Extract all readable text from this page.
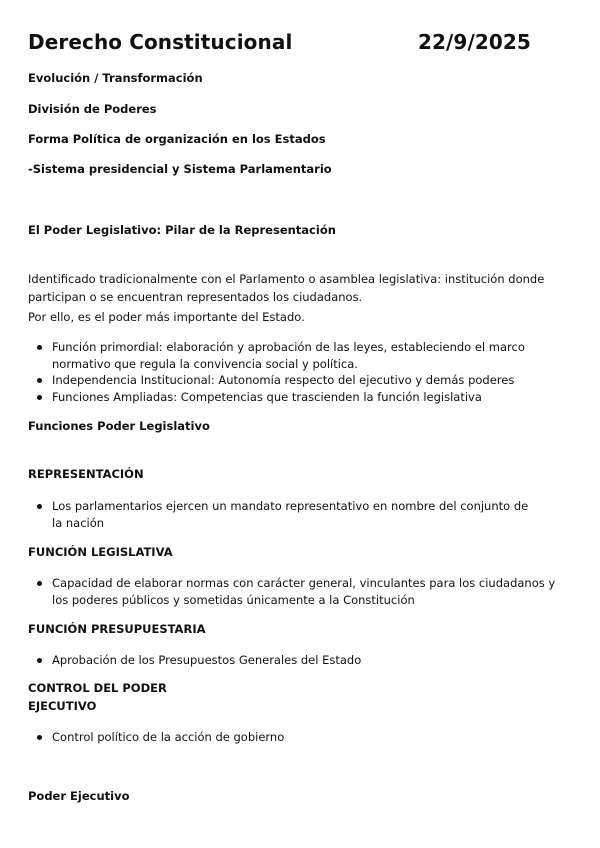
Derecho Constitucional	22/9/2025
Evolución / Transformación
División de Poderes
Forma Política de organización en los Estados
-Sistema presidencial y Sistema Parlamentario
El Poder Legislativo: Pilar de la Representación
Identificado tradicionalmente con el Parlamento o asamblea legislativa: institución donde
participan o se encuentran representados los ciudadanos.
Por ello, es el poder más importante del Estado.
Función primordial: elaboración y aprobación de las leyes, estableciendo el marco normativo que regula la convivencia social y política.
Independencia Institucional: Autonomía respecto del ejecutivo y demás poderes
Funciones Ampliadas: Competencias que trascienden la función legislativa
Funciones Poder Legislativo
REPRESENTACIÓN
Los parlamentarios ejercen un mandato representativo en nombre del conjunto de la nación
FUNCIÓN LEGISLATIVA
Capacidad de elaborar normas con carácter general, vinculantes para los ciudadanos y los poderes públicos y sometidas únicamente a la Constitución
FUNCIÓN PRESUPUESTARIA
Aprobación de los Presupuestos Generales del Estado
CONTROL DEL PODER
EJECUTIVO
Control político de la acción de gobierno
Poder Ejecutivo
